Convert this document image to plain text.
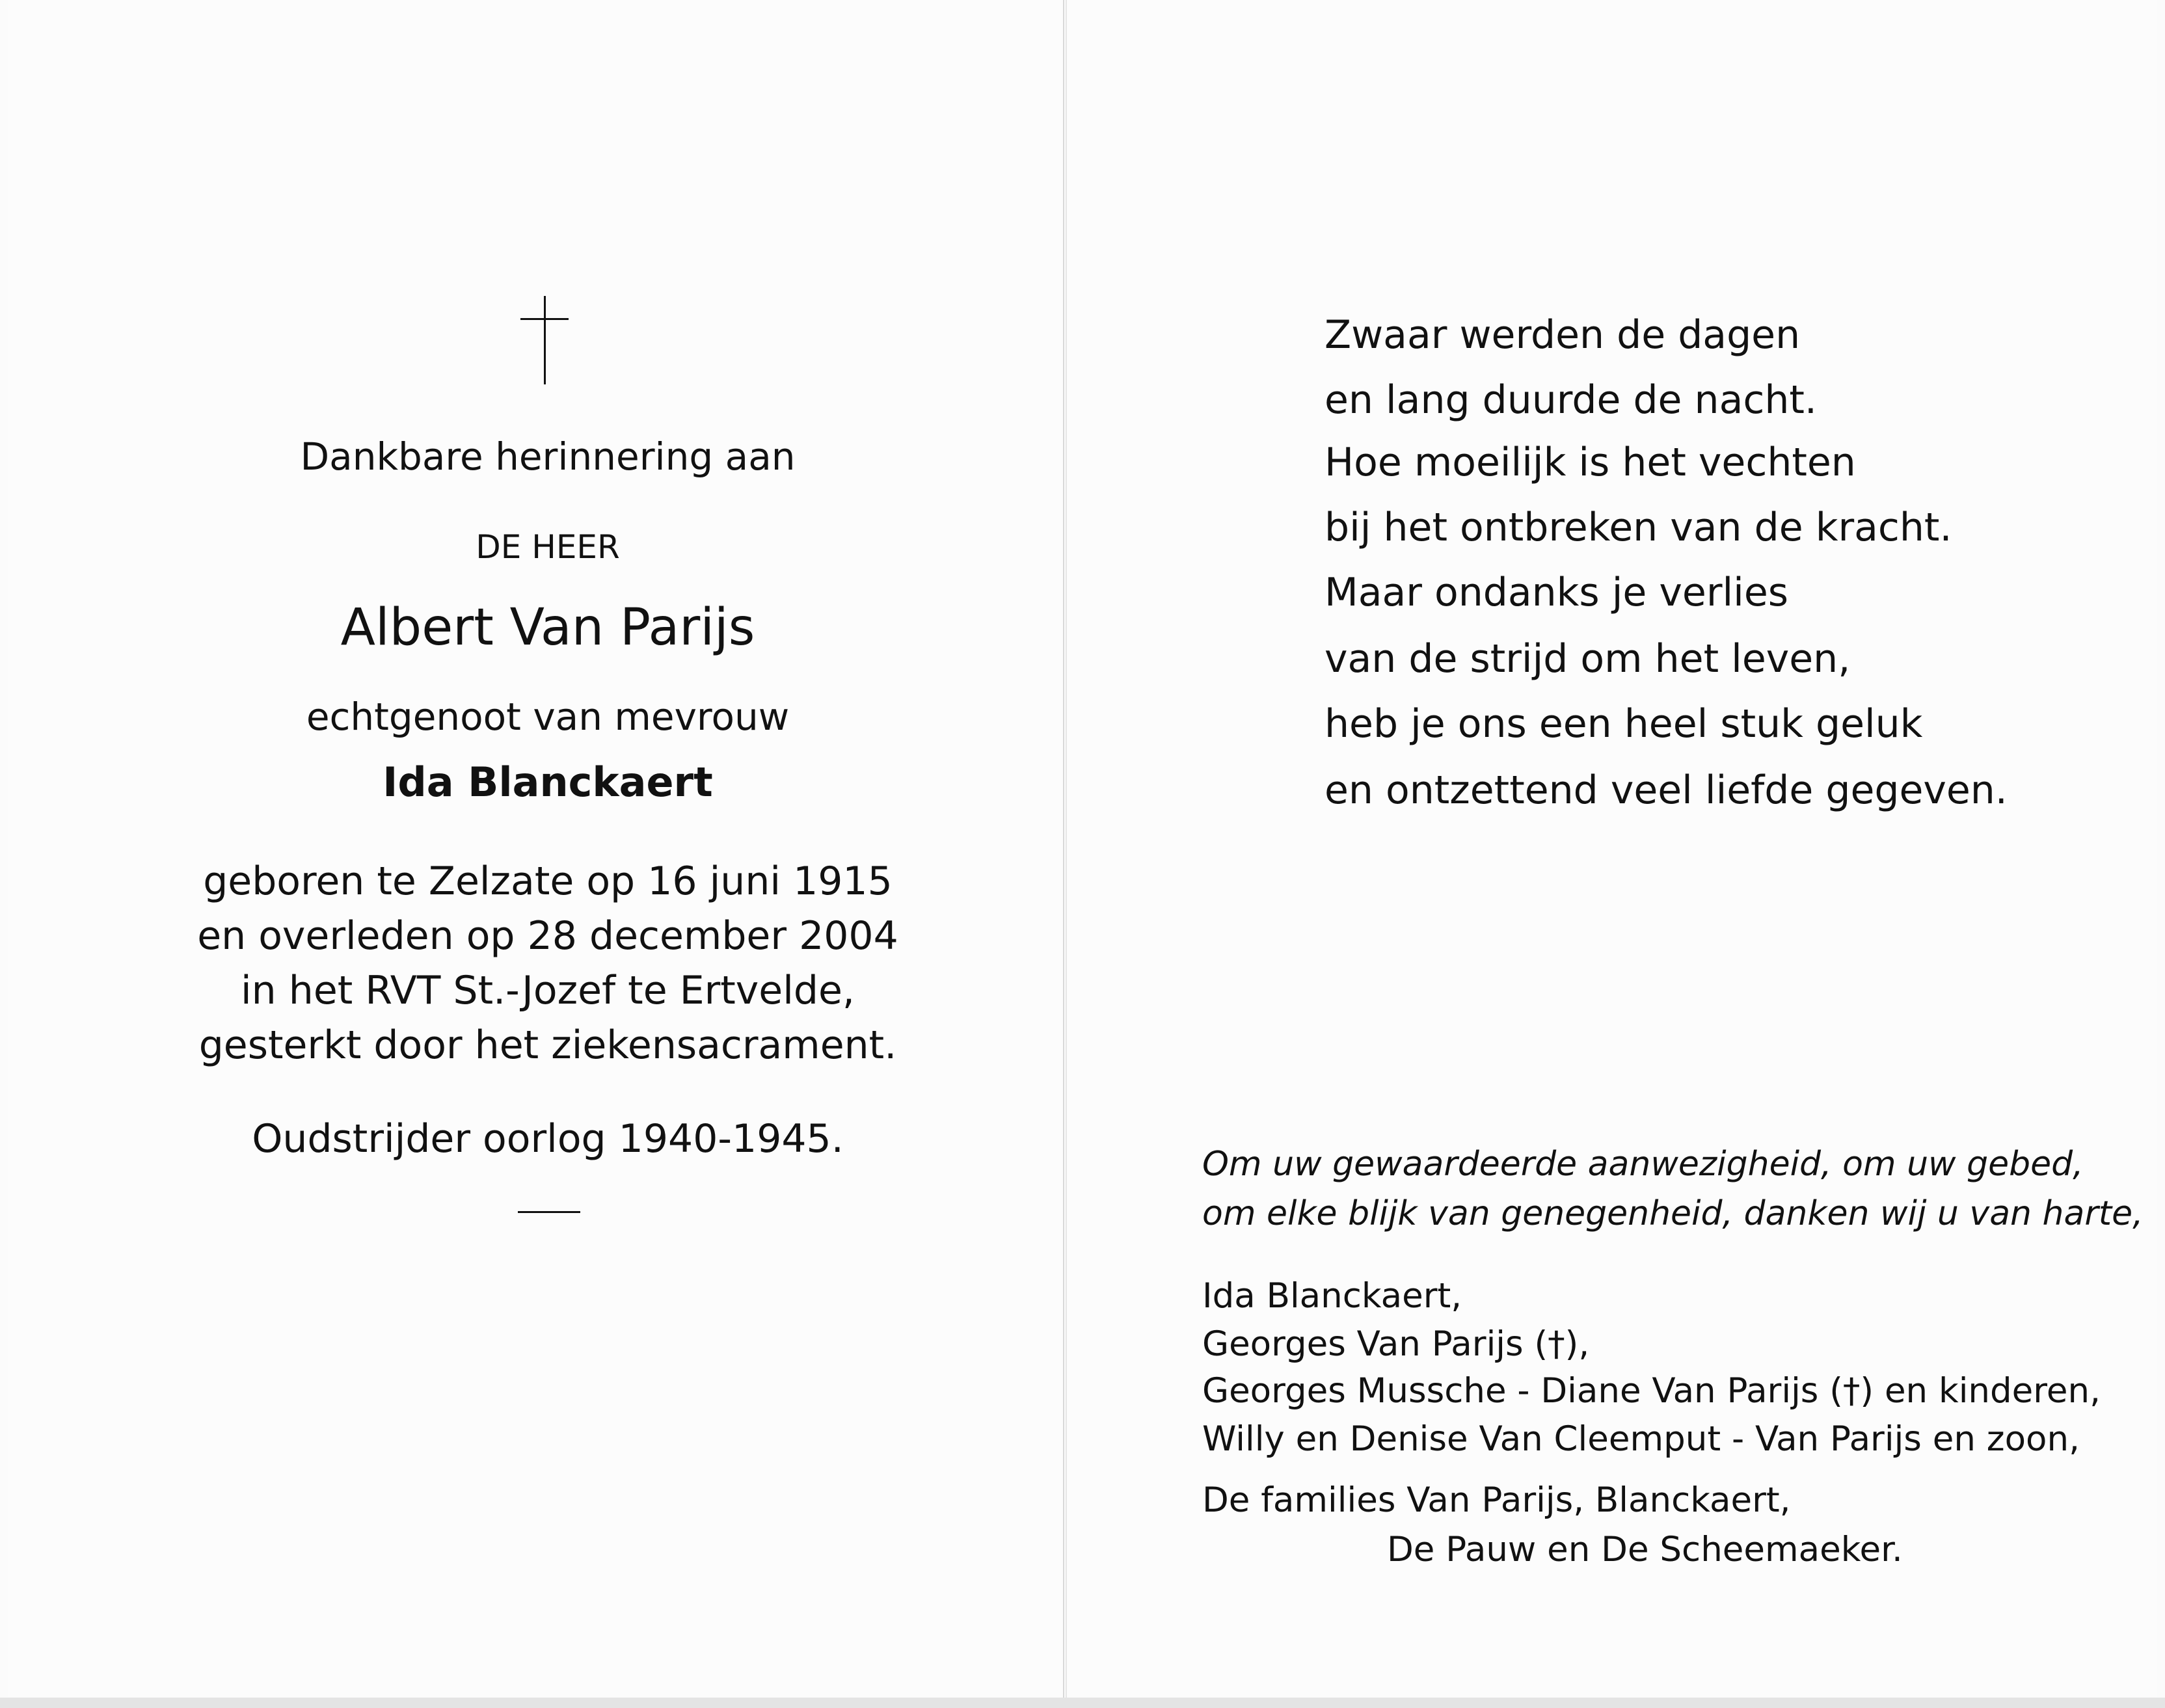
Dankbare herinnering aan
DE HEER
Albert Van Parijs
echtgenoot van mevrouw
Ida Blanckaert
geboren te Zelzate op 16 juni 1915
en overleden op 28 december 2004
in het RVT St.-Jozef te Ertvelde,
gesterkt door het ziekensacrament.
Oudstrijder oorlog 1940-1945.
Zwaar werden de dagen
en lang duurde de nacht.
Hoe moeilijk is het vechten
bij het ontbreken van de kracht.
Maar ondanks je verlies
van de strijd om het leven,
heb je ons een heel stuk geluk
en ontzettend veel liefde gegeven.
Om uw gewaardeerde aanwezigheid, om uw gebed,
om elke blijk van genegenheid, danken wij u van harte,
Ida Blanckaert,
Georges Van Parijs (†),
Georges Mussche - Diane Van Parijs (†) en kinderen,
Willy en Denise Van Cleemput - Van Parijs en zoon,
De families Van Parijs, Blanckaert,
De Pauw en De Scheemaeker.
